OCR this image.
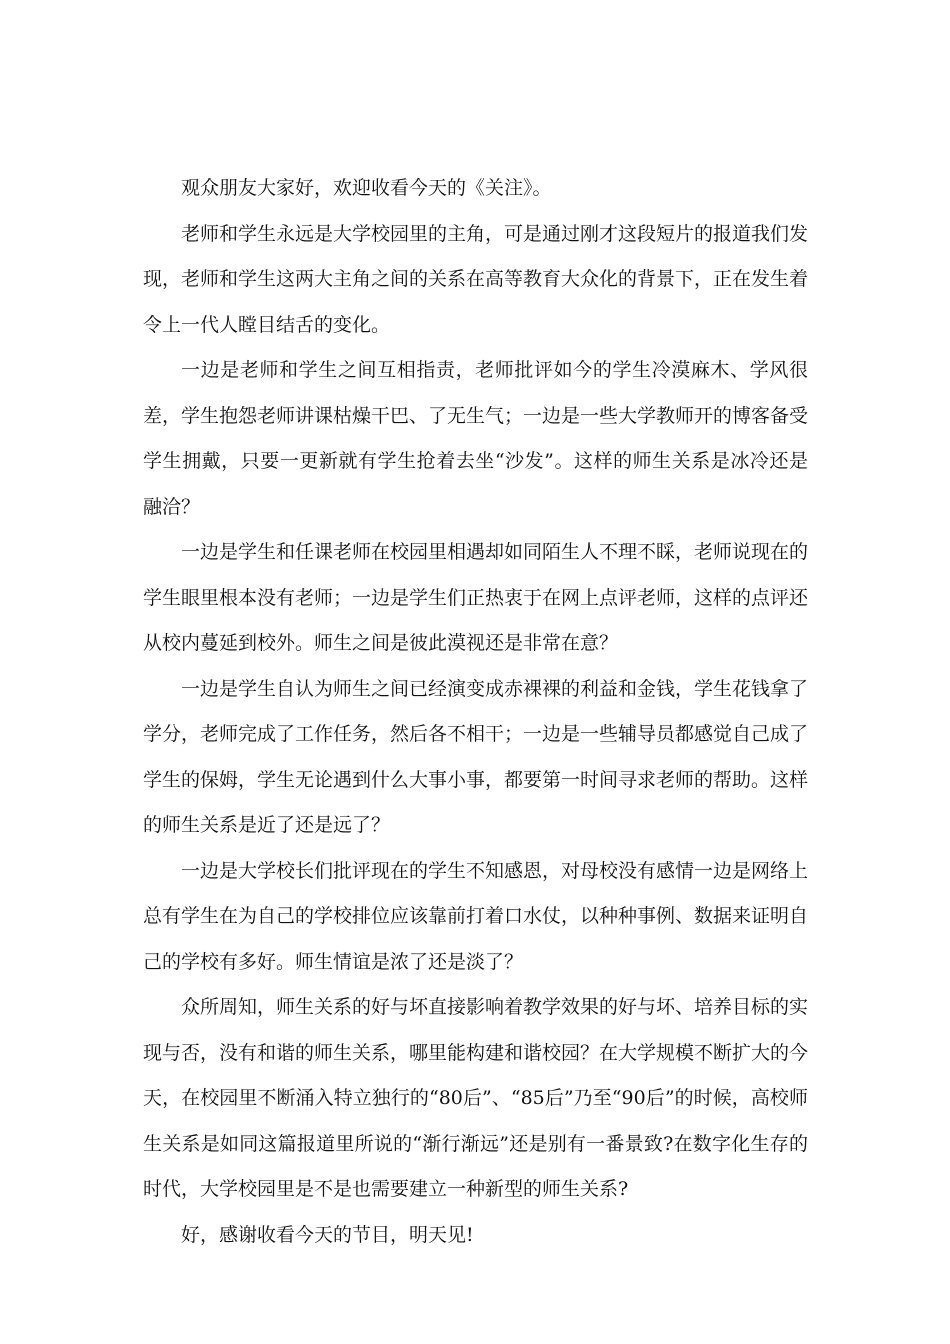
观众朋友大家好，欢迎收看今天的《关注》。

老师和学生永远是大学校园里的主角，可是通过刚才这段短片的报道我们发现，老师和学生这两大主角之间的关系在高等教育大众化的背景下，正在发生着令上一代人瞠目结舌的变化。

一边是老师和学生之间互相指责，老师批评如今的学生冷漠麻木、学风很差，学生抱怨老师讲课枯燥干巴、了无生气；一边是一些大学教师开的博客备受学生拥戴，只要一更新就有学生抢着去坐“沙发”。这样的师生关系是冰冷还是融洽？

一边是学生和任课老师在校园里相遇却如同陌生人不理不睬，老师说现在的学生眼里根本没有老师；一边是学生们正热衷于在网上点评老师，这样的点评还从校内蔓延到校外。师生之间是彼此漠视还是非常在意？

一边是学生自认为师生之间已经演变成赤裸裸的利益和金钱，学生花钱拿了学分，老师完成了工作任务，然后各不相干；一边是一些辅导员都感觉自己成了学生的保姆，学生无论遇到什么大事小事，都要第一时间寻求老师的帮助。这样的师生关系是近了还是远了？

一边是大学校长们批评现在的学生不知感恩，对母校没有感情一边是网络上总有学生在为自己的学校排位应该靠前打着口水仗，以种种事例、数据来证明自己的学校有多好。师生情谊是浓了还是淡了？

众所周知，师生关系的好与坏直接影响着教学效果的好与坏、培养目标的实现与否，没有和谐的师生关系，哪里能构建和谐校园？在大学规模不断扩大的今天，在校园里不断涌入特立独行的“80后”、“85后”乃至“90后”的时候，高校师生关系是如同这篇报道里所说的“渐行渐远”还是别有一番景致?在数字化生存的时代，大学校园里是不是也需要建立一种新型的师生关系?

好，感谢收看今天的节目，明天见!
